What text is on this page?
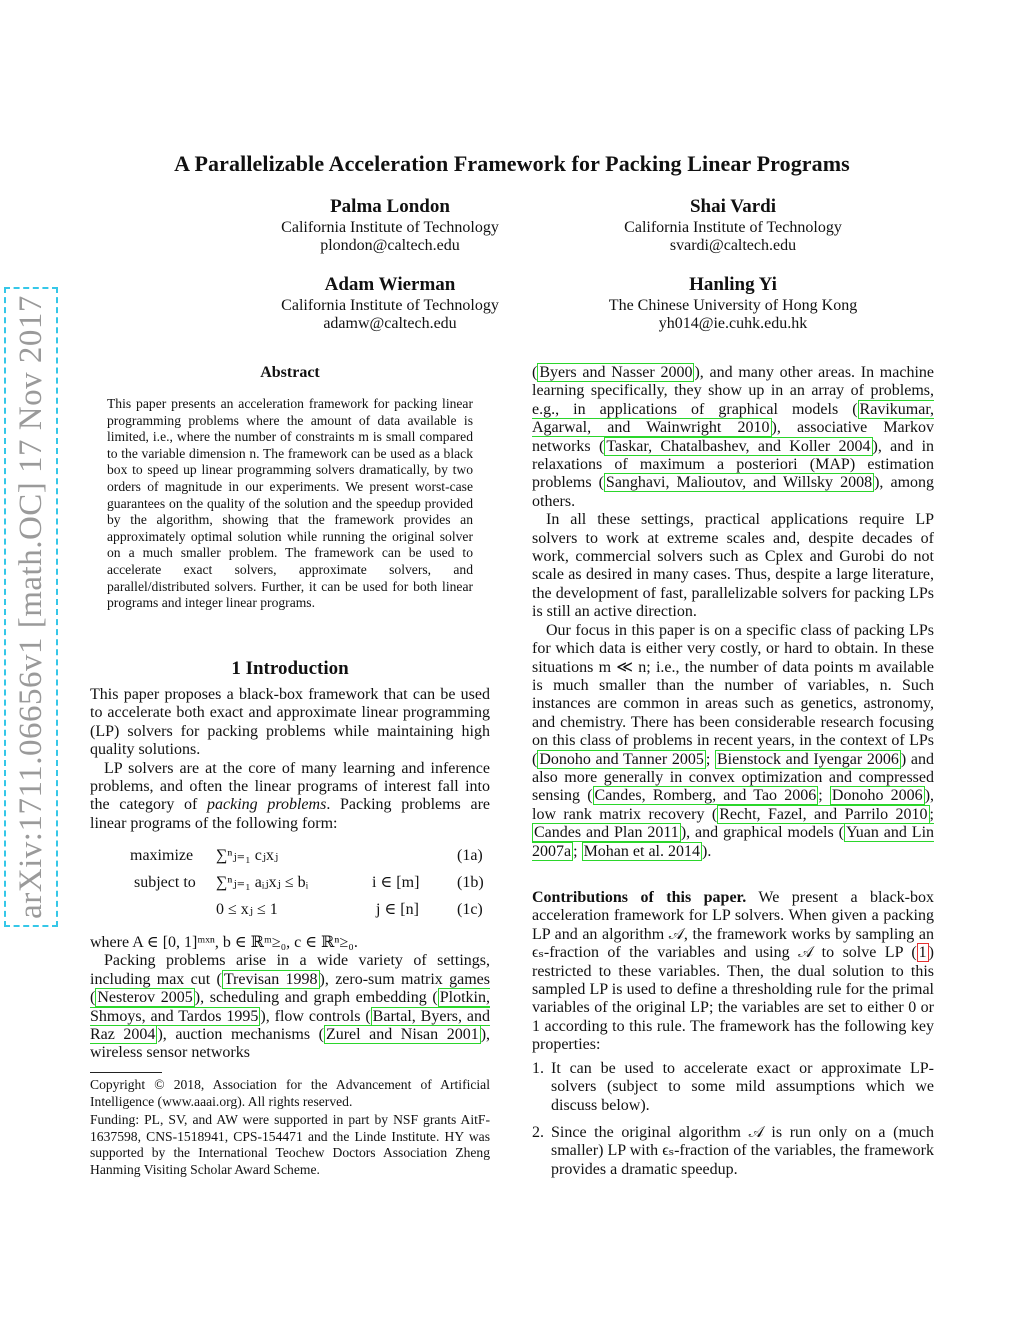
arXiv:1711.06656v1 [math.OC] 17 Nov 2017
A Parallelizable Acceleration Framework for Packing Linear Programs
Palma London
California Institute of Technology
plondon@caltech.edu
Shai Vardi
California Institute of Technology
svardi@caltech.edu
Adam Wierman
California Institute of Technology
adamw@caltech.edu
Hanling Yi
The Chinese University of Hong Kong
yh014@ie.cuhk.edu.hk
Abstract
This paper presents an acceleration framework for packing linear programming problems where the amount of data available is limited, i.e., where the number of constraints m is small compared to the variable dimension n. The framework can be used as a black box to speed up linear programming solvers dramatically, by two orders of magnitude in our experiments. We present worst-case guarantees on the quality of the solution and the speedup provided by the algorithm, showing that the framework provides an approximately optimal solution while running the original solver on a much smaller problem. The framework can be used to accelerate exact solvers, approximate solvers, and parallel/distributed solvers. Further, it can be used for both linear programs and integer linear programs.
1 Introduction

This paper proposes a black-box framework that can be used to accelerate both exact and approximate linear programming (LP) solvers for packing problems while maintaining high quality solutions.

LP solvers are at the core of many learning and inference problems, and often the linear programs of interest fall into the category of packing problems. Packing problems are linear programs of the following form:

maximize ∑ⁿⱼ₌₁ cⱼxⱼ	(1a)
subject to ∑ⁿⱼ₌₁ aᵢⱼxⱼ ≤ bᵢ	i ∈ [m] (1b)
0 ≤ xⱼ ≤ 1	j ∈ [n] (1c)

where A ∈ [0, 1]ᵐˣⁿ, b ∈ ℝᵐ≥₀, c ∈ ℝⁿ≥₀.

Packing problems arise in a wide variety of settings, including max cut ( Trevisan 1998 ), zero-sum matrix games ( Nesterov 2005 ), scheduling and graph embedding ( Plotkin, Shmoys, and Tardos 1995 ), flow controls ( Bartal, Byers, and Raz 2004 ), auction mechanisms ( Zurel and Nisan 2001 ), wireless sensor networks

Copyright © 2018, Association for the Advancement of Artificial Intelligence (www.aaai.org). All rights reserved.
Funding: PL, SV, and AW were supported in part by NSF grants AitF-1637598, CNS-1518941, CPS-154471 and the Linde Institute. HY was supported by the International Teochew Doctors Association Zheng Hanming Visiting Scholar Award Scheme.

( Byers and Nasser 2000 ), and many other areas. In machine learning specifically, they show up in an array of problems, e.g., in applications of graphical models ( Ravikumar, Agarwal, and Wainwright 2010 ), associative Markov networks ( Taskar, Chatalbashev, and Koller 2004 ), and in relaxations of maximum a posteriori (MAP) estimation problems ( Sanghavi, Malioutov, and Willsky 2008 ), among others.

In all these settings, practical applications require LP solvers to work at extreme scales and, despite decades of work, commercial solvers such as Cplex and Gurobi do not scale as desired in many cases. Thus, despite a large literature, the development of fast, parallelizable solvers for packing LPs is still an active direction.

Our focus in this paper is on a specific class of packing LPs for which data is either very costly, or hard to obtain. In these situations m ≪ n; i.e., the number of data points m available is much smaller than the number of variables, n. Such instances are common in areas such as genetics, astronomy, and chemistry. There has been considerable research focusing on this class of problems in recent years, in the context of LPs ( Donoho and Tanner 2005 ; Bienstock and Iyengar 2006 ) and also more generally in convex optimization and compressed sensing ( Candes, Romberg, and Tao 2006 ; Donoho 2006 ), low rank matrix recovery ( Recht, Fazel, and Parrilo 2010 ; Candes and Plan 2011 ), and graphical models ( Yuan and Lin 2007a ; Mohan et al. 2014 ).

Contributions of this paper. We present a black-box acceleration framework for LP solvers. When given a packing LP and an algorithm 𝒜, the framework works by sampling an ϵₛ-fraction of the variables and using 𝒜 to solve LP ( 1 ) restricted to these variables. Then, the dual solution to this sampled LP is used to define a thresholding rule for the primal variables of the original LP; the variables are set to either 0 or 1 according to this rule. The framework has the following key properties:

1. It can be used to accelerate exact or approximate LP-solvers (subject to some mild assumptions which we discuss below).
2. Since the original algorithm 𝒜 is run only on a (much smaller) LP with ϵₛ-fraction of the variables, the framework provides a dramatic speedup.
